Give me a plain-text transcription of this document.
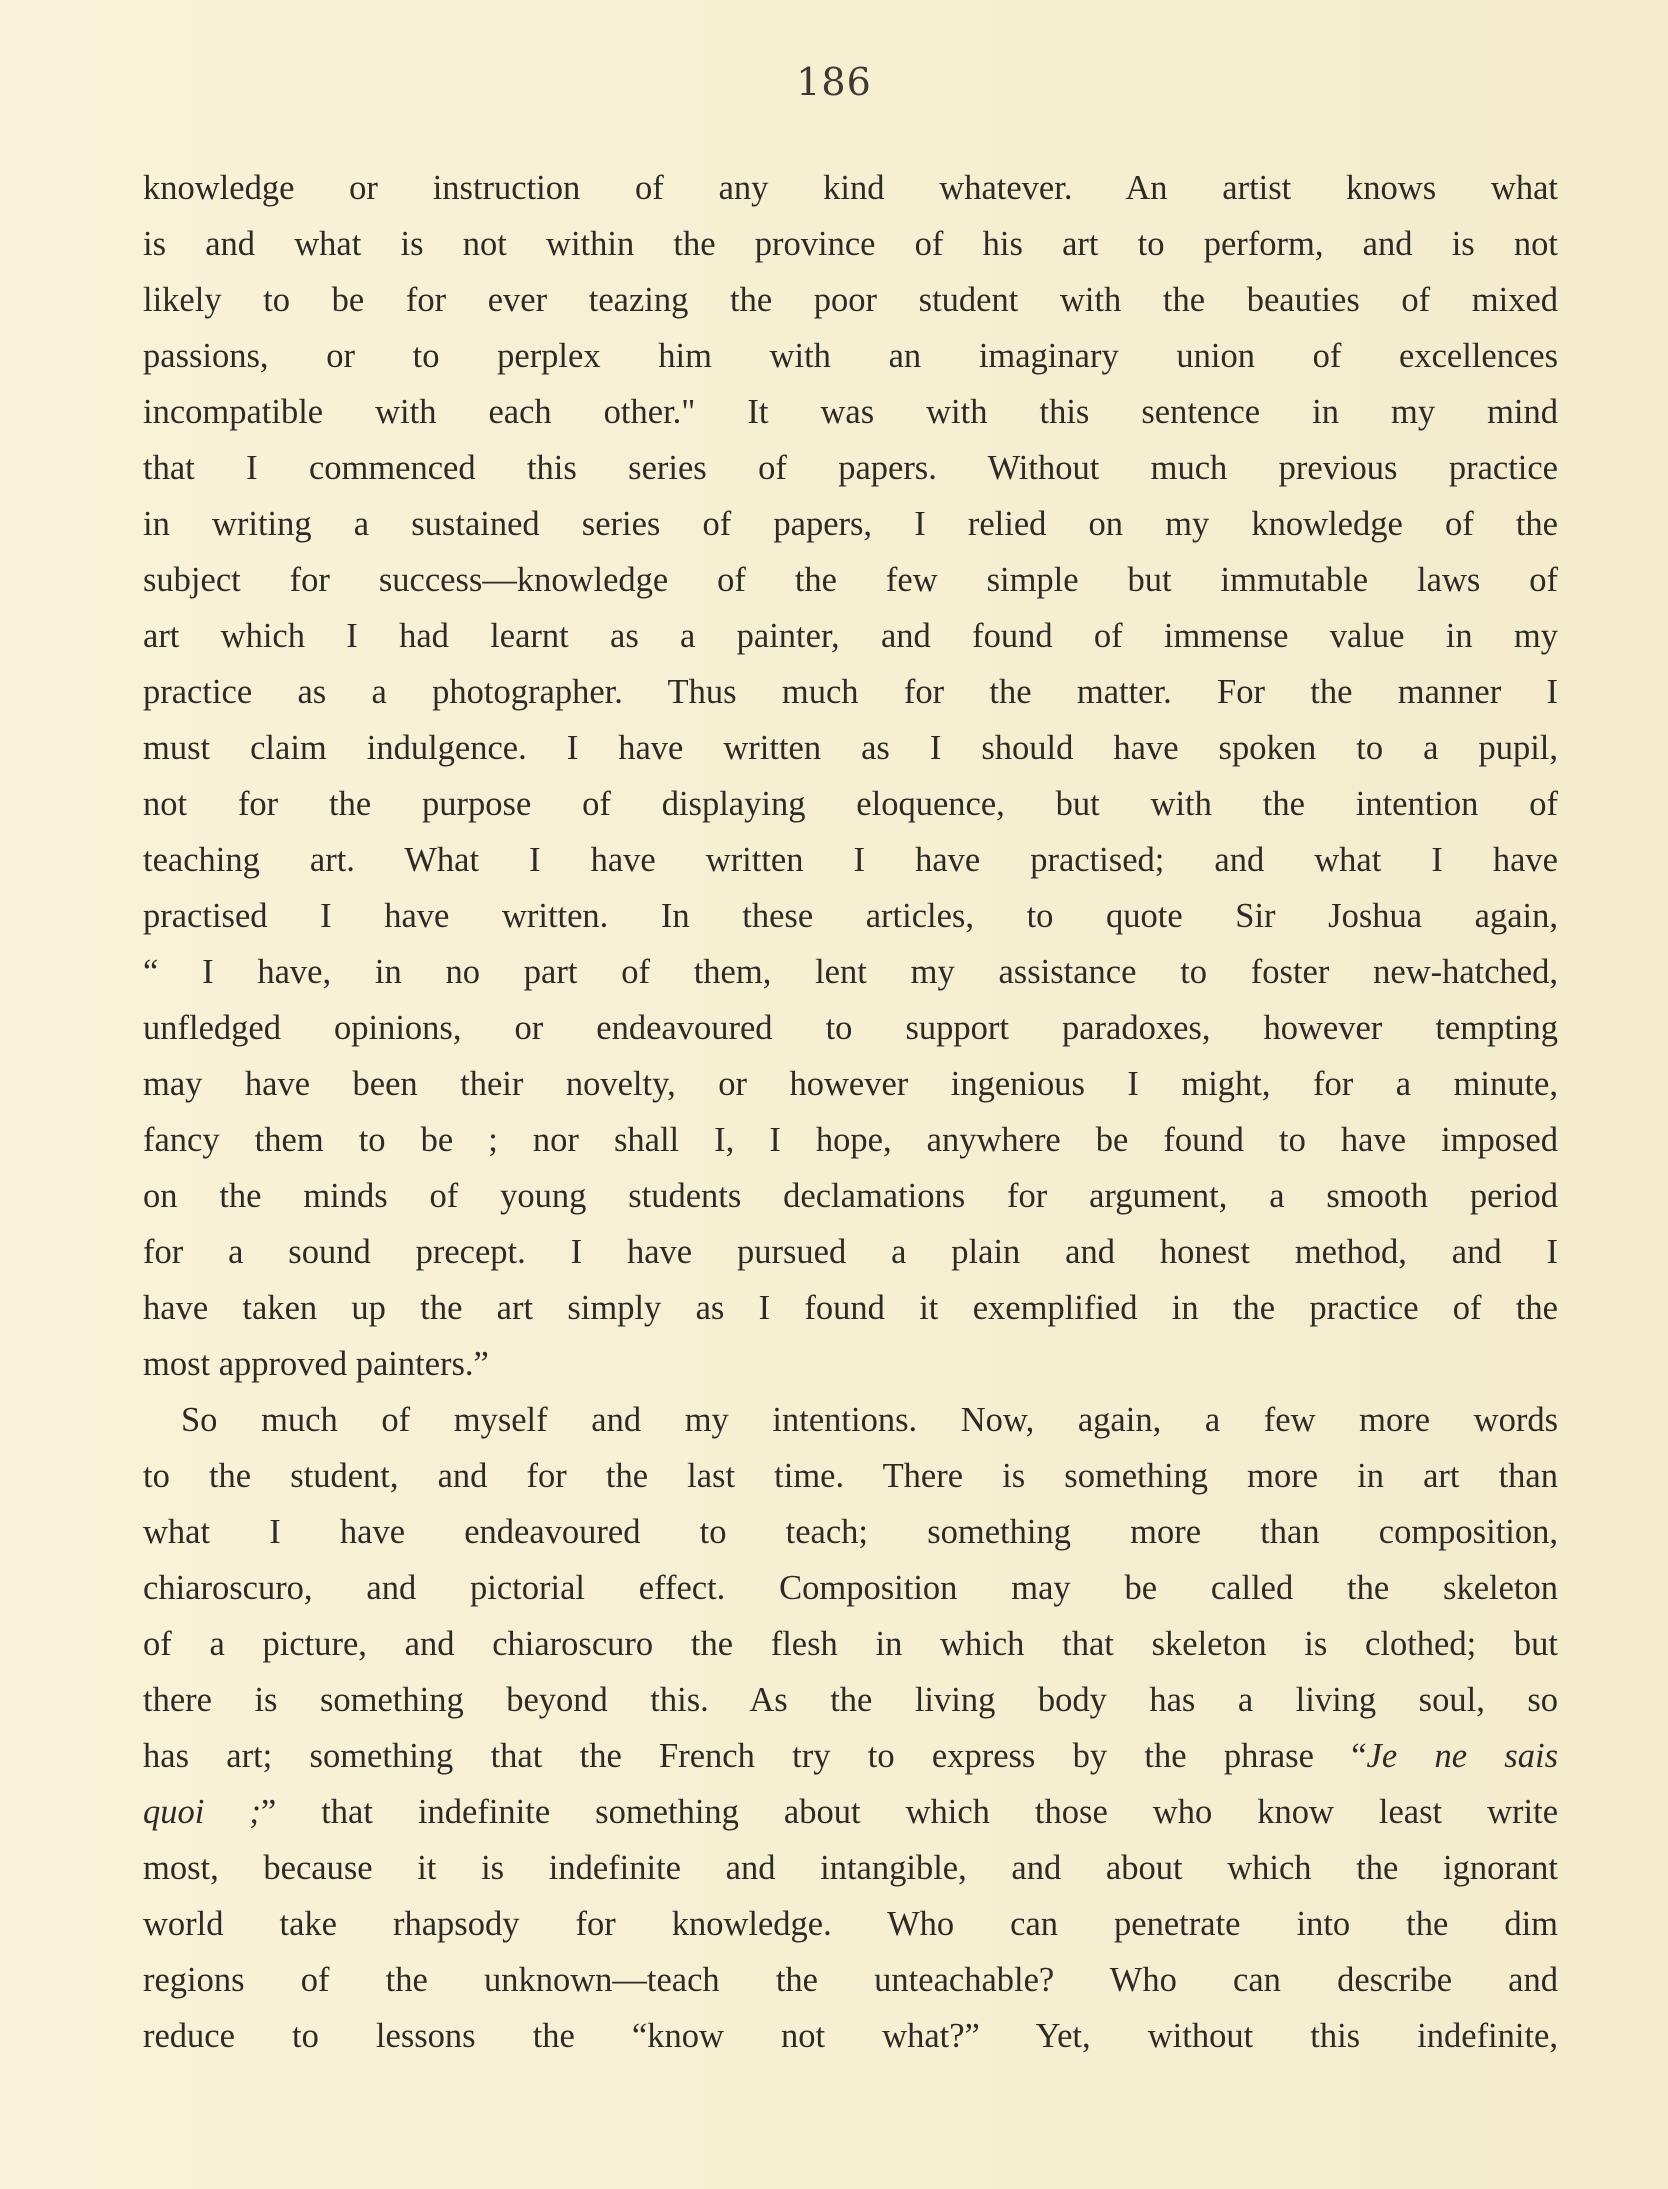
186
knowledge or instruction of any kind whatever. An artist knows what
is and what is not within the province of his art to perform, and is not
likely to be for ever teazing the poor student with the beauties of mixed
passions, or to perplex him with an imaginary union of excellences
incompatible with each other." It was with this sentence in my mind
that I commenced this series of papers. Without much previous practice
in writing a sustained series of papers, I relied on my knowledge of the
subject for success—knowledge of the few simple but immutable laws of
art which I had learnt as a painter, and found of immense value in my
practice as a photographer. Thus much for the matter. For the manner I
must claim indulgence. I have written as I should have spoken to a pupil,
not for the purpose of displaying eloquence, but with the intention of
teaching art. What I have written I have practised; and what I have
practised I have written. In these articles, to quote Sir Joshua again,
“ I have, in no part of them, lent my assistance to foster new-hatched,
unfledged opinions, or endeavoured to support paradoxes, however tempting
may have been their novelty, or however ingenious I might, for a minute,
fancy them to be ; nor shall I, I hope, anywhere be found to have imposed
on the minds of young students declamations for argument, a smooth period
for a sound precept. I have pursued a plain and honest method, and I
have taken up the art simply as I found it exemplified in the practice of the
most approved painters.”
So much of myself and my intentions. Now, again, a few more words
to the student, and for the last time. There is something more in art than
what I have endeavoured to teach; something more than composition,
chiaroscuro, and pictorial effect. Composition may be called the skeleton
of a picture, and chiaroscuro the flesh in which that skeleton is clothed; but
there is something beyond this. As the living body has a living soul, so
has art; something that the French try to express by the phrase “Je ne sais
quoi ;” that indefinite something about which those who know least write
most, because it is indefinite and intangible, and about which the ignorant
world take rhapsody for knowledge. Who can penetrate into the dim
regions of the unknown—teach the unteachable? Who can describe and
reduce to lessons the “know not what?” Yet, without this indefinite,
